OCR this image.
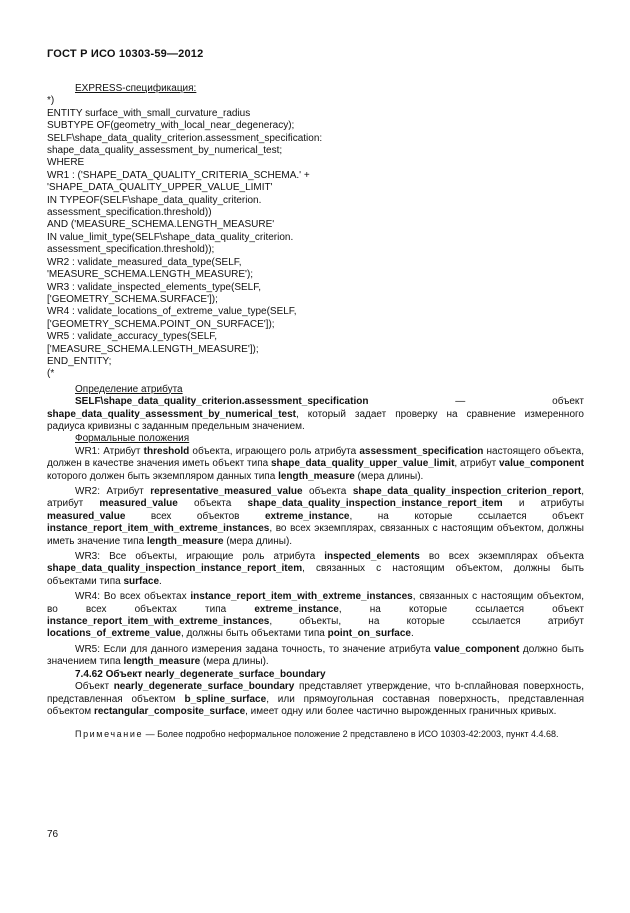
ГОСТ Р ИСО 10303-59—2012
EXPRESS-спецификация:
*)
ENTITY surface_with_small_curvature_radius
SUBTYPE OF(geometry_with_local_near_degeneracy);
SELF\shape_data_quality_criterion.assessment_specification:
shape_data_quality_assessment_by_numerical_test;
WHERE
WR1 : ('SHAPE_DATA_QUALITY_CRITERIA_SCHEMA.' +
'SHAPE_DATA_QUALITY_UPPER_VALUE_LIMIT'
IN TYPEOF(SELF\shape_data_quality_criterion.
assessment_specification.threshold))
AND ('MEASURE_SCHEMA.LENGTH_MEASURE'
IN value_limit_type(SELF\shape_data_quality_criterion.
assessment_specification.threshold));
WR2 : validate_measured_data_type(SELF,
'MEASURE_SCHEMA.LENGTH_MEASURE');
WR3 : validate_inspected_elements_type(SELF,
['GEOMETRY_SCHEMA.SURFACE']);
WR4 : validate_locations_of_extreme_value_type(SELF,
['GEOMETRY_SCHEMA.POINT_ON_SURFACE']);
WR5 : validate_accuracy_types(SELF,
['MEASURE_SCHEMA.LENGTH_MEASURE']);
END_ENTITY;
(*
Определение атрибута
SELF\shape_data_quality_criterion.assessment_specification — объект shape_data_quality_assessment_by_numerical_test, который задает проверку на сравнение измеренного радиуса кривизны с заданным предельным значением.
Формальные положения
WR1: Атрибут threshold объекта, играющего роль атрибута assessment_specification настоящего объекта, должен в качестве значения иметь объект типа shape_data_quality_upper_value_limit, атрибут value_component которого должен быть экземпляром данных типа length_measure (мера длины).
WR2: Атрибут representative_measured_value объекта shape_data_quality_inspection_criterion_report, атрибут measured_value объекта shape_data_quality_inspection_instance_report_item и атрибуты measured_value всех объектов extreme_instance, на которые ссылается объект instance_report_item_with_extreme_instances, во всех экземплярах, связанных с настоящим объектом, должны иметь значение типа length_measure (мера длины).
WR3: Все объекты, играющие роль атрибута inspected_elements во всех экземплярах объекта shape_data_quality_inspection_instance_report_item, связанных с настоящим объектом, должны быть объектами типа surface.
WR4: Во всех объектах instance_report_item_with_extreme_instances, связанных с настоящим объектом, во всех объектах типа extreme_instance, на которые ссылается объект instance_report_item_with_extreme_instances, объекты, на которые ссылается атрибут locations_of_extreme_value, должны быть объектами типа point_on_surface.
WR5: Если для данного измерения задана точность, то значение атрибута value_component должно быть значением типа length_measure (мера длины).
7.4.62 Объект nearly_degenerate_surface_boundary
Объект nearly_degenerate_surface_boundary представляет утверждение, что b-сплайновая поверхность, представленная объектом b_spline_surface, или прямоугольная составная поверхность, представленная объектом rectangular_composite_surface, имеет одну или более частично вырожденных граничных кривых.
Примечание — Более подробно неформальное положение 2 представлено в ИСО 10303-42:2003, пункт 4.4.68.
76
